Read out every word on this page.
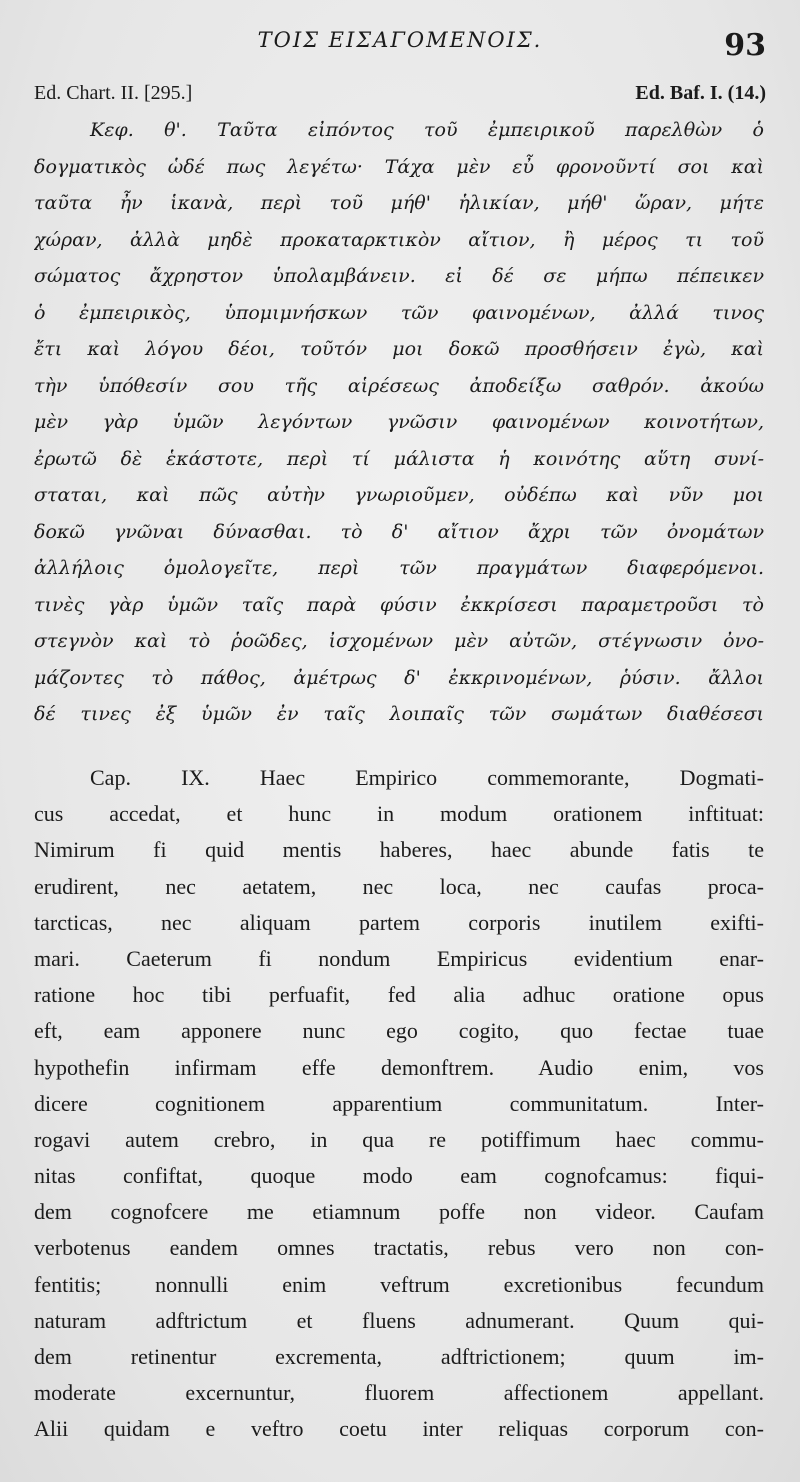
ΤΟΙΣ ΕΙΣΑΓΟΜΕΝΟΙΣ.	93
Ed. Chart. II. [295.]	Ed. Baf. I. (14.)
Κεφ. θ'. Ταῦτα εἰπόντος τοῦ ἐμπειρικοῦ παρελθὼν ὁ
δογματικὸς ὡδέ πως λεγέτω· Τάχα μὲν εὖ φρονοῦντί σοι καὶ
ταῦτα ἦν ἱκανὰ, περὶ τοῦ μήθ' ἡλικίαν, μήθ' ὥραν, μήτε
χώραν, ἀλλὰ μηδὲ προκαταρκτικὸν αἴτιον, ἢ μέρος τι τοῦ
σώματος ἄχρηστον ὑπολαμβάνειν. εἰ δέ σε μήπω πέπεικεν
ὁ ἐμπειρικὸς, ὑπομιμνήσκων τῶν φαινομένων, ἀλλά τινος
ἔτι καὶ λόγου δέοι, τοῦτόν μοι δοκῶ προσθήσειν ἐγὼ, καὶ
τὴν ὑπόθεσίν σου τῆς αἱρέσεως ἀποδείξω σαθρόν. ἀκούω
μὲν γὰρ ὑμῶν λεγόντων γνῶσιν φαινομένων κοινοτήτων,
ἐρωτῶ δὲ ἑκάστοτε, περὶ τί μάλιστα ἡ κοινότης αὕτη συνί-
σταται, καὶ πῶς αὐτὴν γνωριοῦμεν, οὐδέπω καὶ νῦν μοι
δοκῶ γνῶναι δύνασθαι. τὸ δ' αἴτιον ἄχρι τῶν ὀνομάτων
ἀλλήλοις ὁμολογεῖτε, περὶ τῶν πραγμάτων διαφερόμενοι.
τινὲς γὰρ ὑμῶν ταῖς παρὰ φύσιν ἐκκρίσεσι παραμετροῦσι τὸ
στεγνὸν καὶ τὸ ῥοῶδες, ἰσχομένων μὲν αὐτῶν, στέγνωσιν ὀνο-
μάζοντες τὸ πάθος, ἀμέτρως δ' ἐκκρινομένων, ῥύσιν. ἄλλοι
δέ τινες ἐξ ὑμῶν ἐν ταῖς λοιπαῖς τῶν σωμάτων διαθέσεσι
Cap. IX. Haec Empirico commemorante, Dogmati-
cus accedat, et hunc in modum orationem inftituat:
Nimirum fi quid mentis haberes, haec abunde fatis te
erudirent, nec aetatem, nec loca, nec caufas proca-
tarcticas, nec aliquam partem corporis inutilem exifti-
mari. Caeterum fi nondum Empiricus evidentium enar-
ratione hoc tibi perfuafit, fed alia adhuc oratione opus
eft, eam apponere nunc ego cogito, quo fectae tuae
hypothefin infirmam effe demonftrem. Audio enim, vos
dicere cognitionem apparentium communitatum. Inter-
rogavi autem crebro, in qua re potiffimum haec commu-
nitas confiftat, quoque modo eam cognofcamus: fiqui-
dem cognofcere me etiamnum poffe non videor. Caufam
verbotenus eandem omnes tractatis, rebus vero non con-
fentitis; nonnulli enim veftrum excretionibus fecundum
naturam adftrictum et fluens adnumerant. Quum qui-
dem retinentur excrementa, adftrictionem; quum im-
moderate excernuntur, fluorem affectionem appellant.
Alii quidam e veftro coetu inter reliquas corporum con-
